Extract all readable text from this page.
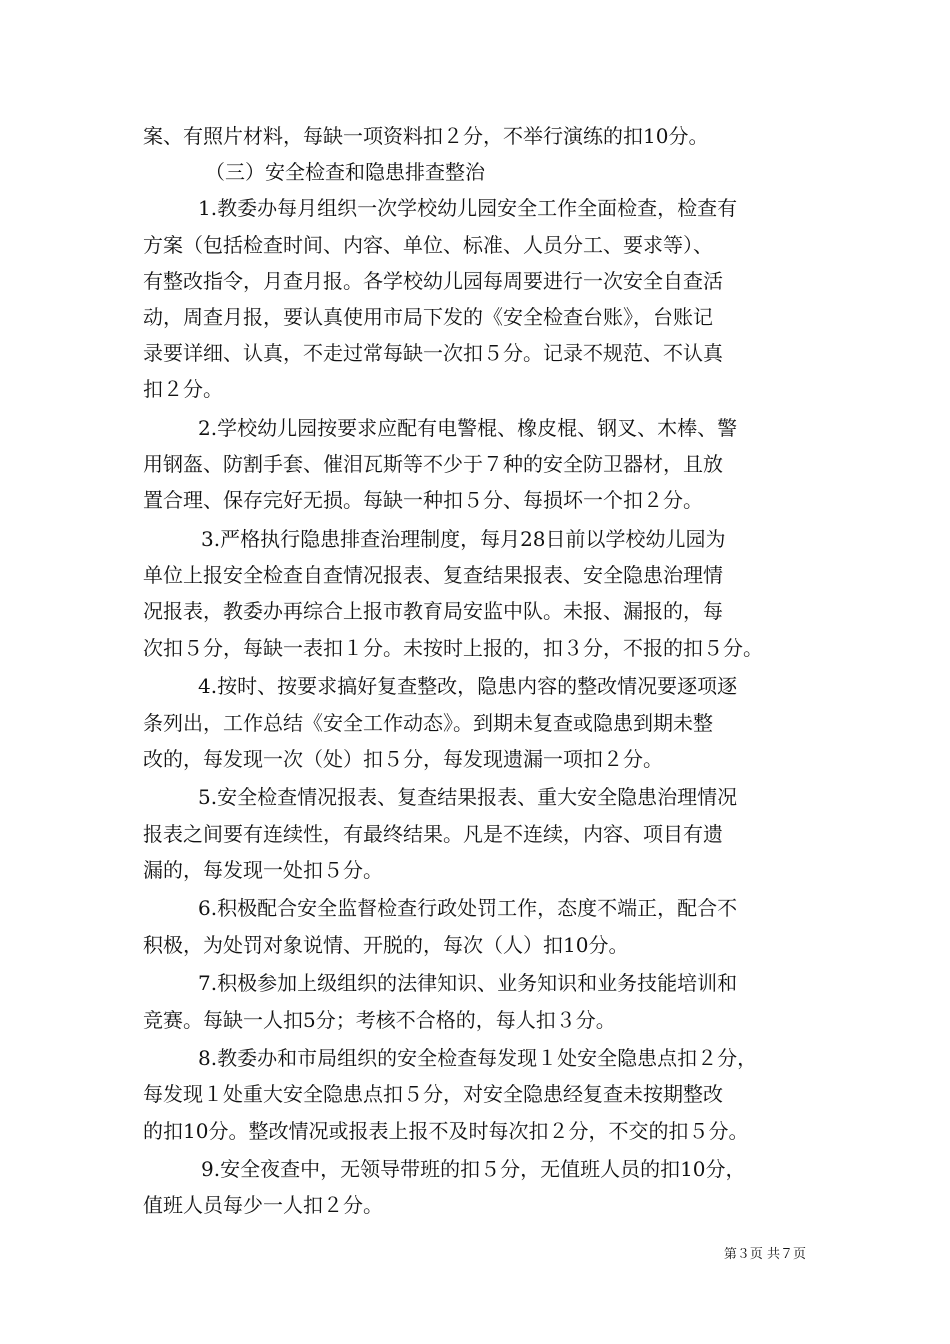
案、有照片材料，每缺一项资料扣２分，不举行演练的扣10分。
（三）安全检查和隐患排查整治
1.教委办每月组织一次学校幼儿园安全工作全面检查，检查有
方案（包括检查时间、内容、单位、标准、人员分工、要求等）、
有整改指令，月查月报。各学校幼儿园每周要进行一次安全自查活
动，周查月报，要认真使用市局下发的《安全检查台账》，台账记
录要详细、认真，不走过常每缺一次扣５分。记录不规范、不认真
扣２分。
2.学校幼儿园按要求应配有电警棍、橡皮棍、钢叉、木棒、警
用钢盔、防割手套、催泪瓦斯等不少于７种的安全防卫器材，且放
置合理、保存完好无损。每缺一种扣５分、每损坏一个扣２分。
3.严格执行隐患排查治理制度，每月28日前以学校幼儿园为
单位上报安全检查自查情况报表、复查结果报表、安全隐患治理情
况报表，教委办再综合上报市教育局安监中队。未报、漏报的，每
次扣５分，每缺一表扣１分。未按时上报的，扣３分，不报的扣５分。
4.按时、按要求搞好复查整改，隐患内容的整改情况要逐项逐
条列出，工作总结《安全工作动态》。到期未复查或隐患到期未整
改的，每发现一次（处）扣５分，每发现遗漏一项扣２分。
5.安全检查情况报表、复查结果报表、重大安全隐患治理情况
报表之间要有连续性，有最终结果。凡是不连续，内容、项目有遗
漏的，每发现一处扣５分。
6.积极配合安全监督检查行政处罚工作，态度不端正，配合不
积极，为处罚对象说情、开脱的，每次（人）扣10分。
7.积极参加上级组织的法律知识、业务知识和业务技能培训和
竞赛。每缺一人扣5分；考核不合格的，每人扣３分。
8.教委办和市局组织的安全检查每发现１处安全隐患点扣２分，
每发现１处重大安全隐患点扣５分，对安全隐患经复查未按期整改
的扣10分。整改情况或报表上报不及时每次扣２分，不交的扣５分。
9.安全夜查中，无领导带班的扣５分，无值班人员的扣10分，
值班人员每少一人扣２分。
第３页 共７页
